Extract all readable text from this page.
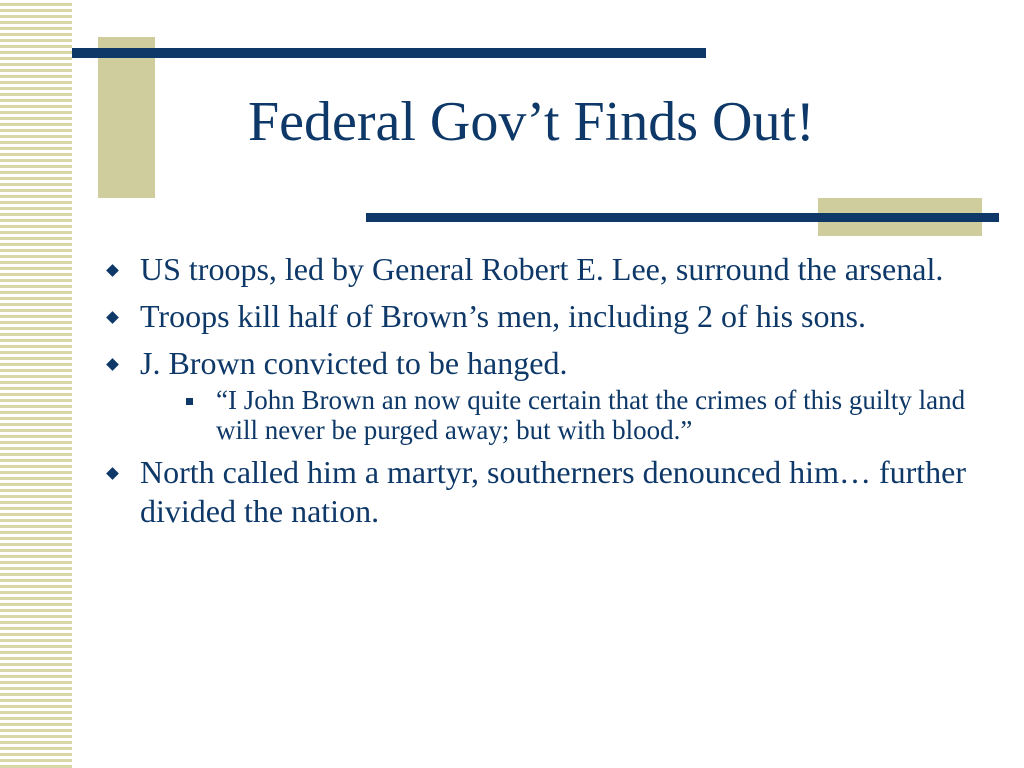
Federal Gov’t Finds Out!
US troops, led by General Robert E. Lee, surround the arsenal.
Troops kill half of Brown’s men, including 2 of his sons.
J. Brown convicted to be hanged.
“I John Brown an now quite certain that the crimes of this guilty land will never be purged away; but with blood.”
North called him a martyr, southerners denounced him… further divided the nation.
